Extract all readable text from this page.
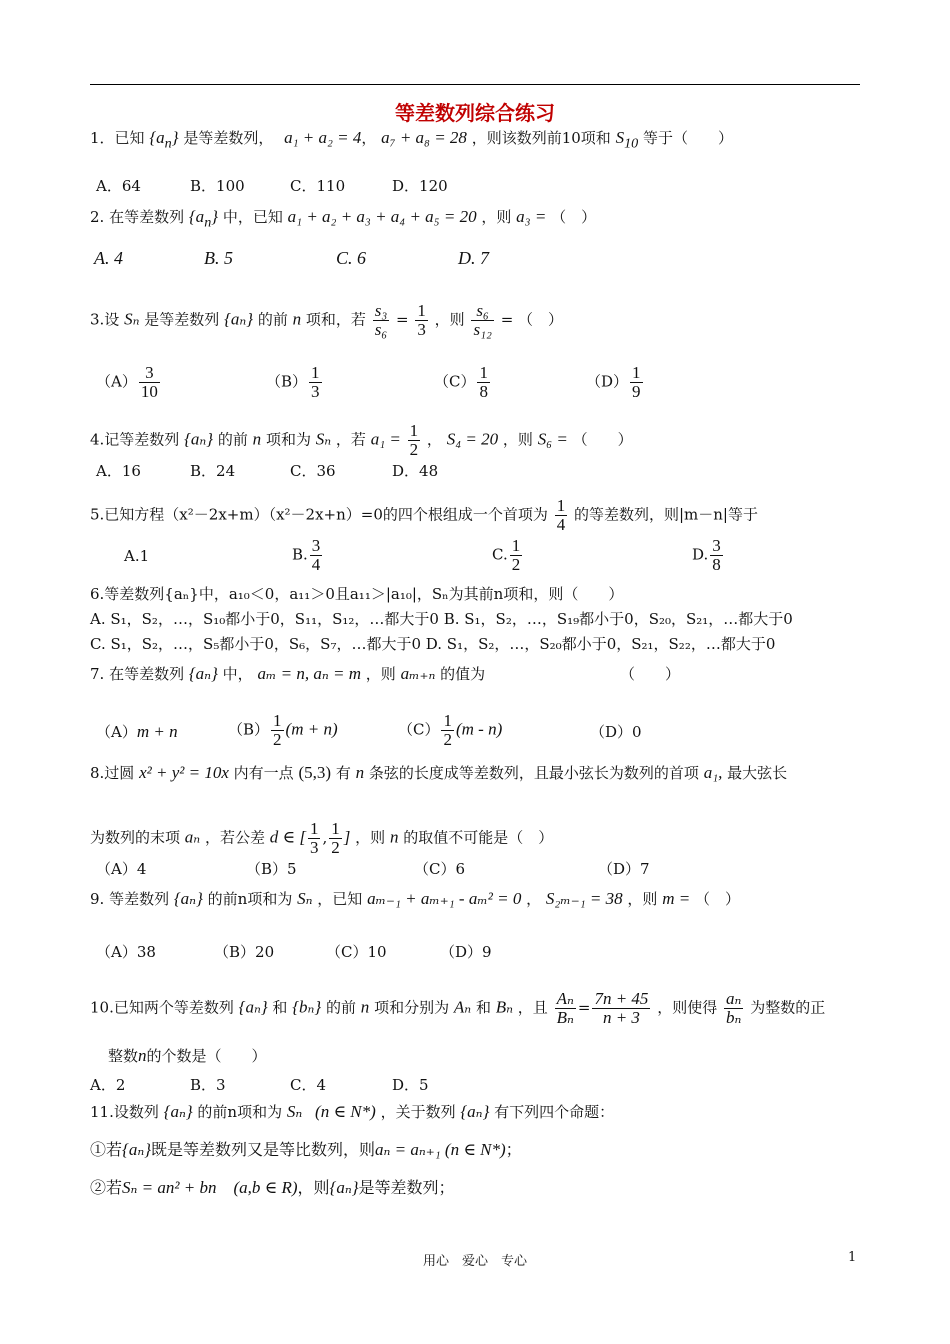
等差数列综合练习
1．已知 $\{a_n\}$ 是等差数列， a₁ + a₂ = 4， a₇ + a₈ = 28 ，则该数列前10项和 $S_{10}$ 等于（　　）
A．64	B．100	C．110	D．120
2. 在等差数列 $\{a_n\}$ 中，已知 a₁ + a₂ + a₃ + a₄ + a₅ = 20 ，则 a₃ = （　）
A. 4	B. 5	C. 6	D. 7
3.设 Sₙ 是等差数列 {aₙ} 的前 n 项和，若 $\frac{\text{s₃}}{\text{s₆}} = \frac{1}{3}$ ，则 $\frac{\text{s₆}}{\text{s₁₂}}$ = （　）
$(A) \frac{3}{10}$	$(B) \frac{1}{3}$	$(C) \frac{1}{8}$	$(D) \frac{1}{9}$
4.记等差数列 {aₙ} 的前 n 项和为 Sₙ ，若 $a_1 = \frac{1}{2}$ ， S₄ = 20 ，则 S₆ = （　　）
A．16	B．24	C．36	D．48
5.已知方程（x²－2x+m）（x²－2x+n）=0的四个根组成一个首项为 $\frac{1}{4}$ 的等差数列，则|m－n|等于
A.1	B. $\frac{3}{4}$	C. $\frac{1}{2}$	D. $\frac{3}{8}$
6.等差数列{aₙ}中，a₁₀＜0，a₁₁＞0且a₁₁＞|a₁₀|，Sₙ为其前n项和，则（　　）
A. S₁，S₂，…，S₁₀都小于0，S₁₁，S₁₂，…都大于0 B. S₁，S₂，…，S₁₉都小于0，S₂₀，S₂₁，…都大于0
C. S₁，S₂，…，S₅都小于0，S₆，S₇，…都大于0 D. S₁，S₂，…，S₂₀都小于0，S₂₁，S₂₂，…都大于0
7. 在等差数列 {aₙ} 中， aₘ = n, aₙ = m ，则 aₘ₊ₙ 的值为	（　　）
（A）m + n	$(B) \frac{1}{2} (m + n)$	$(C) \frac{1}{2} (m - n)$	（D）0
8.过圆 x² + y² = 10x 内有一点 (5,3) 有 n 条弦的长度成等差数列，且最小弦长为数列的首项 a₁, 最大弦长
为数列的末项 aₙ ，若公差 d ∈ [ $\frac{1}{3}$ , $\frac{1}{2}$ ] ，则 n 的取值不可能是（　）
（A）4	（B）5	（C）6	（D）7
9. 等差数列 {aₙ} 的前n项和为 Sₙ ，已知 aₘ₋₁ + aₘ₊₁ - aₘ² = 0 ， S₂ₘ₋₁ = 38 ，则 m = （　）
（A）38	（B）20	（C）10	（D）9
10.已知两个等差数列 {aₙ} 和 {bₙ} 的前 n 项和分别为 Aₙ 和 Bₙ ，且 $\frac{\text{Aₙ}}{\text{Bₙ}} = \frac{7n + 45}{n + 3}$ ，则使得 $\frac{\text{aₙ}}{\text{bₙ}}$ 为整数的正
整数n的个数是（　　）
A．2	B．3	C．4	D．5
11.设数列 {aₙ} 的前n项和为 Sₙ (n ∈ N*) ，关于数列 {aₙ} 有下列四个命题：
①若{aₙ}既是等差数列又是等比数列，则aₙ = aₙ₊₁ (n ∈ N*)；
②若Sₙ = an² + bn　(a,b ∈ R)，则{aₙ}是等差数列；
用心　爱心　专心	1
